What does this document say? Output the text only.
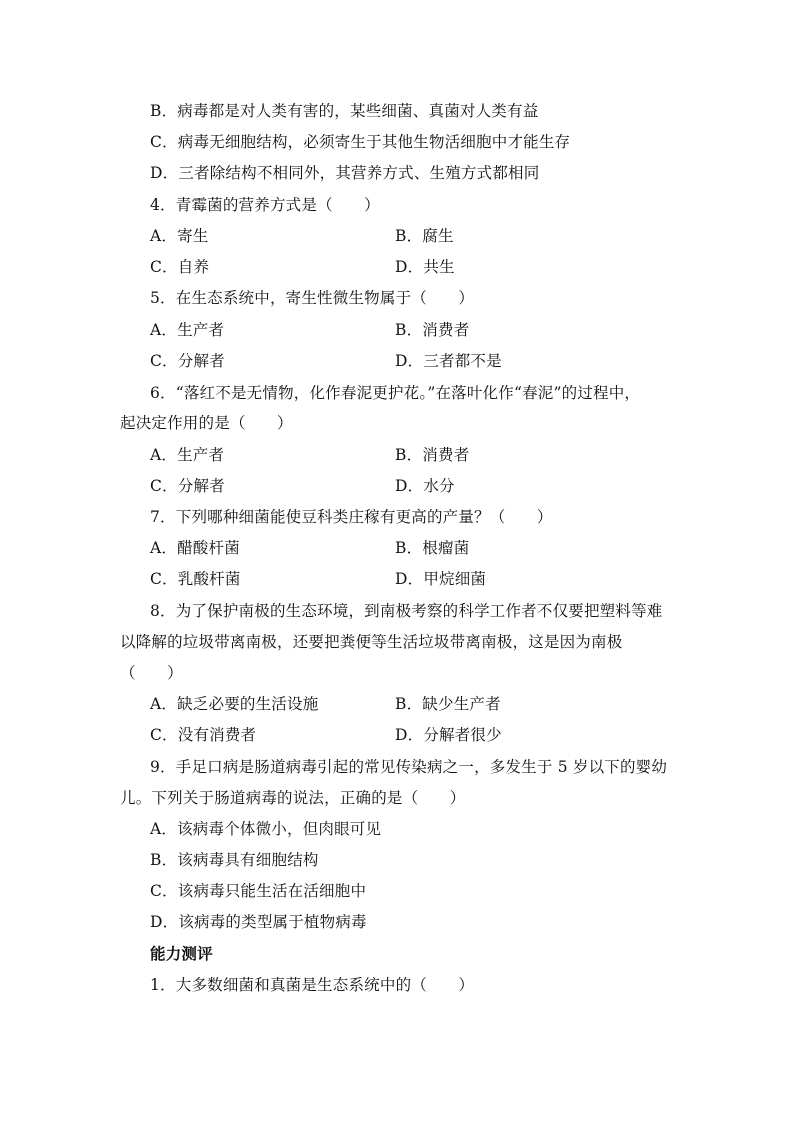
B．病毒都是对人类有害的，某些细菌、真菌对人类有益
C．病毒无细胞结构，必须寄生于其他生物活细胞中才能生存
D．三者除结构不相同外，其营养方式、生殖方式都相同
4．青霉菌的营养方式是（　　）
A．寄生	B．腐生
C．自养	D．共生
5．在生态系统中，寄生性微生物属于（　　）
A．生产者	B．消费者
C．分解者	D．三者都不是
6．“落红不是无情物，化作春泥更护花。”在落叶化作“春泥”的过程中，
起决定作用的是（　　）
A．生产者	B．消费者
C．分解者	D．水分
7．下列哪种细菌能使豆科类庄稼有更高的产量？（　　）
A．醋酸杆菌	B．根瘤菌
C．乳酸杆菌	D．甲烷细菌
8．为了保护南极的生态环境，到南极考察的科学工作者不仅要把塑料等难
以降解的垃圾带离南极，还要把粪便等生活垃圾带离南极，这是因为南极
（　　）
A．缺乏必要的生活设施	B．缺少生产者
C．没有消费者	D．分解者很少
9．手足口病是肠道病毒引起的常见传染病之一，多发生于 5 岁以下的婴幼
儿。下列关于肠道病毒的说法，正确的是（　　）
A．该病毒个体微小，但肉眼可见
B．该病毒具有细胞结构
C．该病毒只能生活在活细胞中
D．该病毒的类型属于植物病毒
能力测评
1．大多数细菌和真菌是生态系统中的（　　）
